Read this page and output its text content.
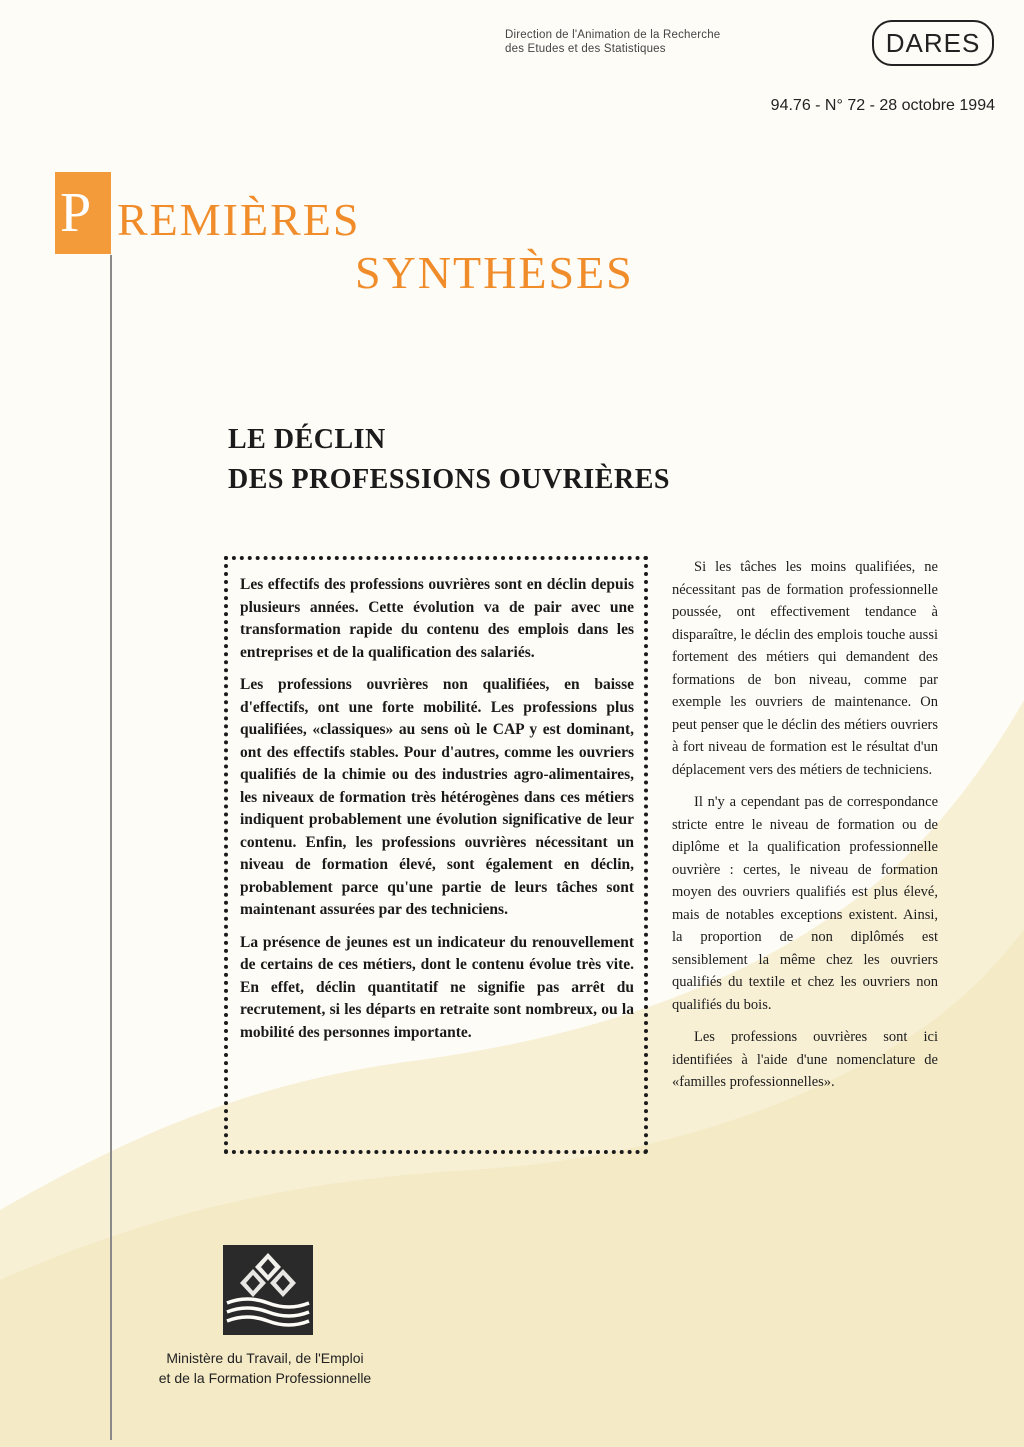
Direction de l'Animation de la Recherche
des Etudes et des Statistiques	DARES
94.76 - N° 72 - 28 octobre 1994
P REMIÈRES
SYNTHÈSES
LE DÉCLIN
DES PROFESSIONS OUVRIÈRES

Les effectifs des professions ouvrières sont en déclin depuis plusieurs années. Cette évolution va de pair avec une transformation rapide du contenu des emplois dans les entreprises et de la qualification des salariés.

Les professions ouvrières non qualifiées, en baisse d'effectifs, ont une forte mobilité. Les professions plus qualifiées, «classiques» au sens où le CAP y est dominant, ont des effectifs stables. Pour d'autres, comme les ouvriers qualifiés de la chimie ou des industries agro-alimentaires, les niveaux de formation très hétérogènes dans ces métiers indiquent probablement une évolution significative de leur contenu. Enfin, les professions ouvrières nécessitant un niveau de formation élevé, sont également en déclin, probablement parce qu'une partie de leurs tâches sont maintenant assurées par des techniciens.

La présence de jeunes est un indicateur du renouvellement de certains de ces métiers, dont le contenu évolue très vite. En effet, déclin quantitatif ne signifie pas arrêt du recrutement, si les départs en retraite sont nombreux, ou la mobilité des personnes importante.

Si les tâches les moins qualifiées, ne nécessitant pas de formation professionnelle poussée, ont effectivement tendance à disparaître, le déclin des emplois touche aussi fortement des métiers qui demandent des formations de bon niveau, comme par exemple les ouvriers de maintenance. On peut penser que le déclin des métiers ouvriers à fort niveau de formation est le résultat d'un déplacement vers des métiers de techniciens.

Il n'y a cependant pas de correspondance stricte entre le niveau de formation ou de diplôme et la qualification professionnelle ouvrière : certes, le niveau de formation moyen des ouvriers qualifiés est plus élevé, mais de notables exceptions existent. Ainsi, la proportion de non diplômés est sensiblement la même chez les ouvriers qualifiés du textile et chez les ouvriers non qualifiés du bois.

Les professions ouvrières sont ici identifiées à l'aide d'une nomenclature de «familles professionnelles».

Ministère du Travail, de l'Emploi
et de la Formation Professionnelle
